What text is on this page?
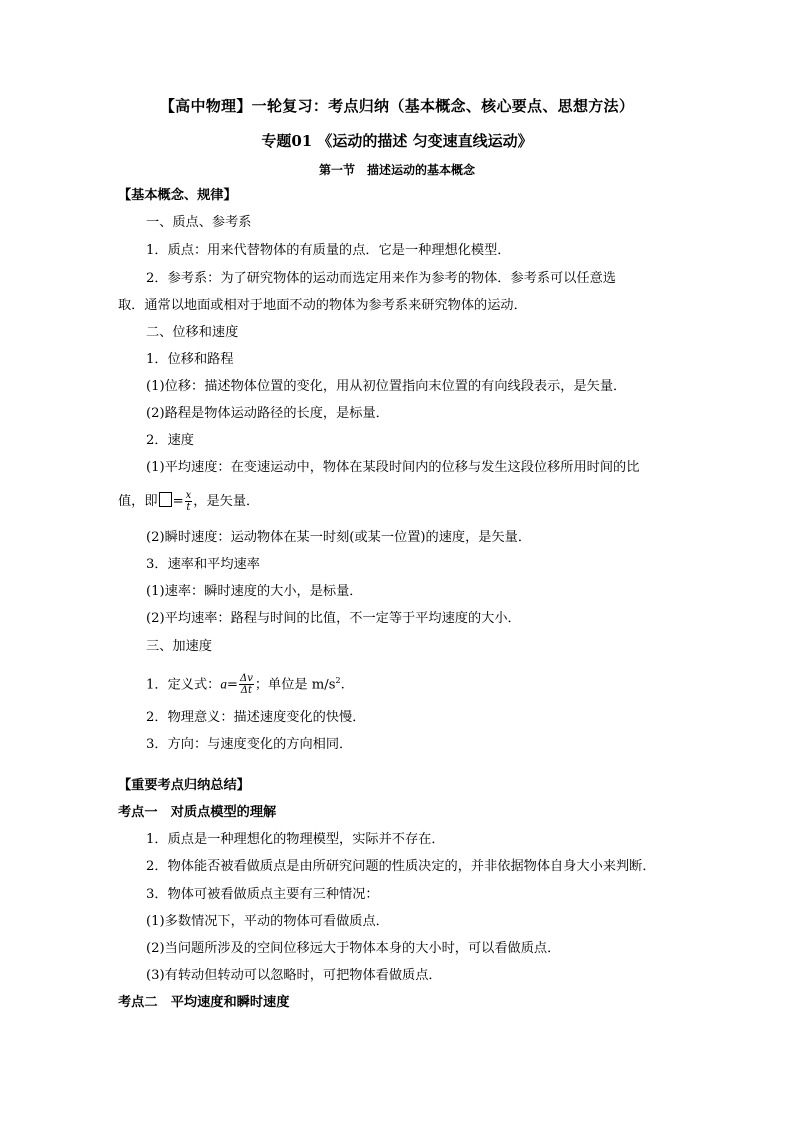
【高中物理】一轮复习：考点归纳（基本概念、核心要点、思想方法）
专题01 《运动的描述 匀变速直线运动》
第一节　描述运动的基本概念
【基本概念、规律】
一、质点、参考系
1．质点：用来代替物体的有质量的点．它是一种理想化模型．
2．参考系：为了研究物体的运动而选定用来作为参考的物体．参考系可以任意选
取．通常以地面或相对于地面不动的物体为参考系来研究物体的运动．
二、位移和速度
1．位移和路程
(1)位移：描述物体位置的变化，用从初位置指向末位置的有向线段表示，是矢量．
(2)路程是物体运动路径的长度，是标量．
2．速度
(1)平均速度：在变速运动中，物体在某段时间内的位移与发生这段位移所用时间的比
值，即 = $\frac{x}{t}$ ，是矢量．
(2)瞬时速度：运动物体在某一时刻(或某一位置)的速度，是矢量．
3．速率和平均速率
(1)速率：瞬时速度的大小，是标量．
(2)平均速率：路程与时间的比值，不一定等于平均速度的大小．
三、加速度
1．定义式：$a= \frac{\Delta v}{\Delta t}$ ；单位是 $m/s^2$.
2．物理意义：描述速度变化的快慢．
3．方向：与速度变化的方向相同．
【重要考点归纳总结】
考点一　对质点模型的理解
1．质点是一种理想化的物理模型，实际并不存在．
2．物体能否被看做质点是由所研究问题的性质决定的，并非依据物体自身大小来判断．
3．物体可被看做质点主要有三种情况：
(1)多数情况下，平动的物体可看做质点．
(2)当问题所涉及的空间位移远大于物体本身的大小时，可以看做质点．
(3)有转动但转动可以忽略时，可把物体看做质点．
考点二　平均速度和瞬时速度
